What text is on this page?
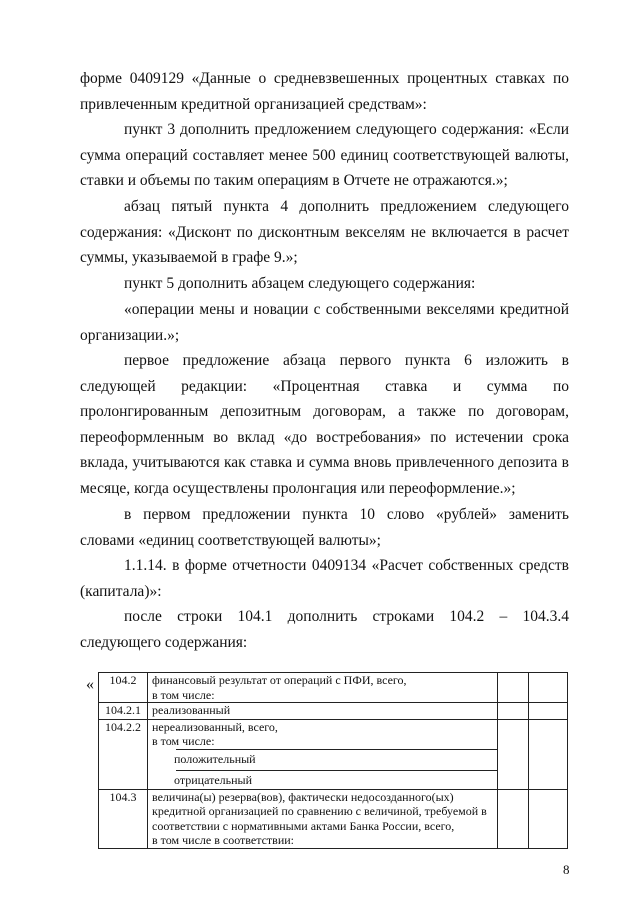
форме 0409129 «Данные о средневзвешенных процентных ставках по привлеченным кредитной организацией средствам»:

пункт 3 дополнить предложением следующего содержания: «Если сумма операций составляет менее 500 единиц соответствующей валюты, ставки и объемы по таким операциям в Отчете не отражаются.»;

абзац пятый пункта 4 дополнить предложением следующего содержания: «Дисконт по дисконтным векселям не включается в расчет суммы, указываемой в графе 9.»;

пункт 5 дополнить абзацем следующего содержания:

«операции мены и новации с собственными векселями кредитной организации.»;

первое предложение абзаца первого пункта 6 изложить в следующей редакции: «Процентная ставка и сумма по пролонгированным депозитным договорам, а также по договорам, переоформленным во вклад «до востребования» по истечении срока вклада, учитываются как ставка и сумма вновь привлеченного депозита в месяце, когда осуществлены пролонгация или переоформление.»;

в первом предложении пункта 10 слово «рублей» заменить словами «единиц соответствующей валюты»;

1.1.14. в форме отчетности 0409134 «Расчет собственных средств (капитала)»:

после строки 104.1 дополнить строками 104.2 – 104.3.4 следующего содержания:

« 104.2	финансовый результат от операций с ПФИ, всего,
в том числе:		

104.2.1	реализованный		

104.2.2	нереализованный, всего,
в том числе:
положительный
отрицательный		

104.3	величина(ы) резерва(вов), фактически недосозданного(ых)
кредитной организацией по сравнению с величиной, требуемой в
соответствии с нормативными актами Банка России, всего,
в том числе в соответствии:		

8
